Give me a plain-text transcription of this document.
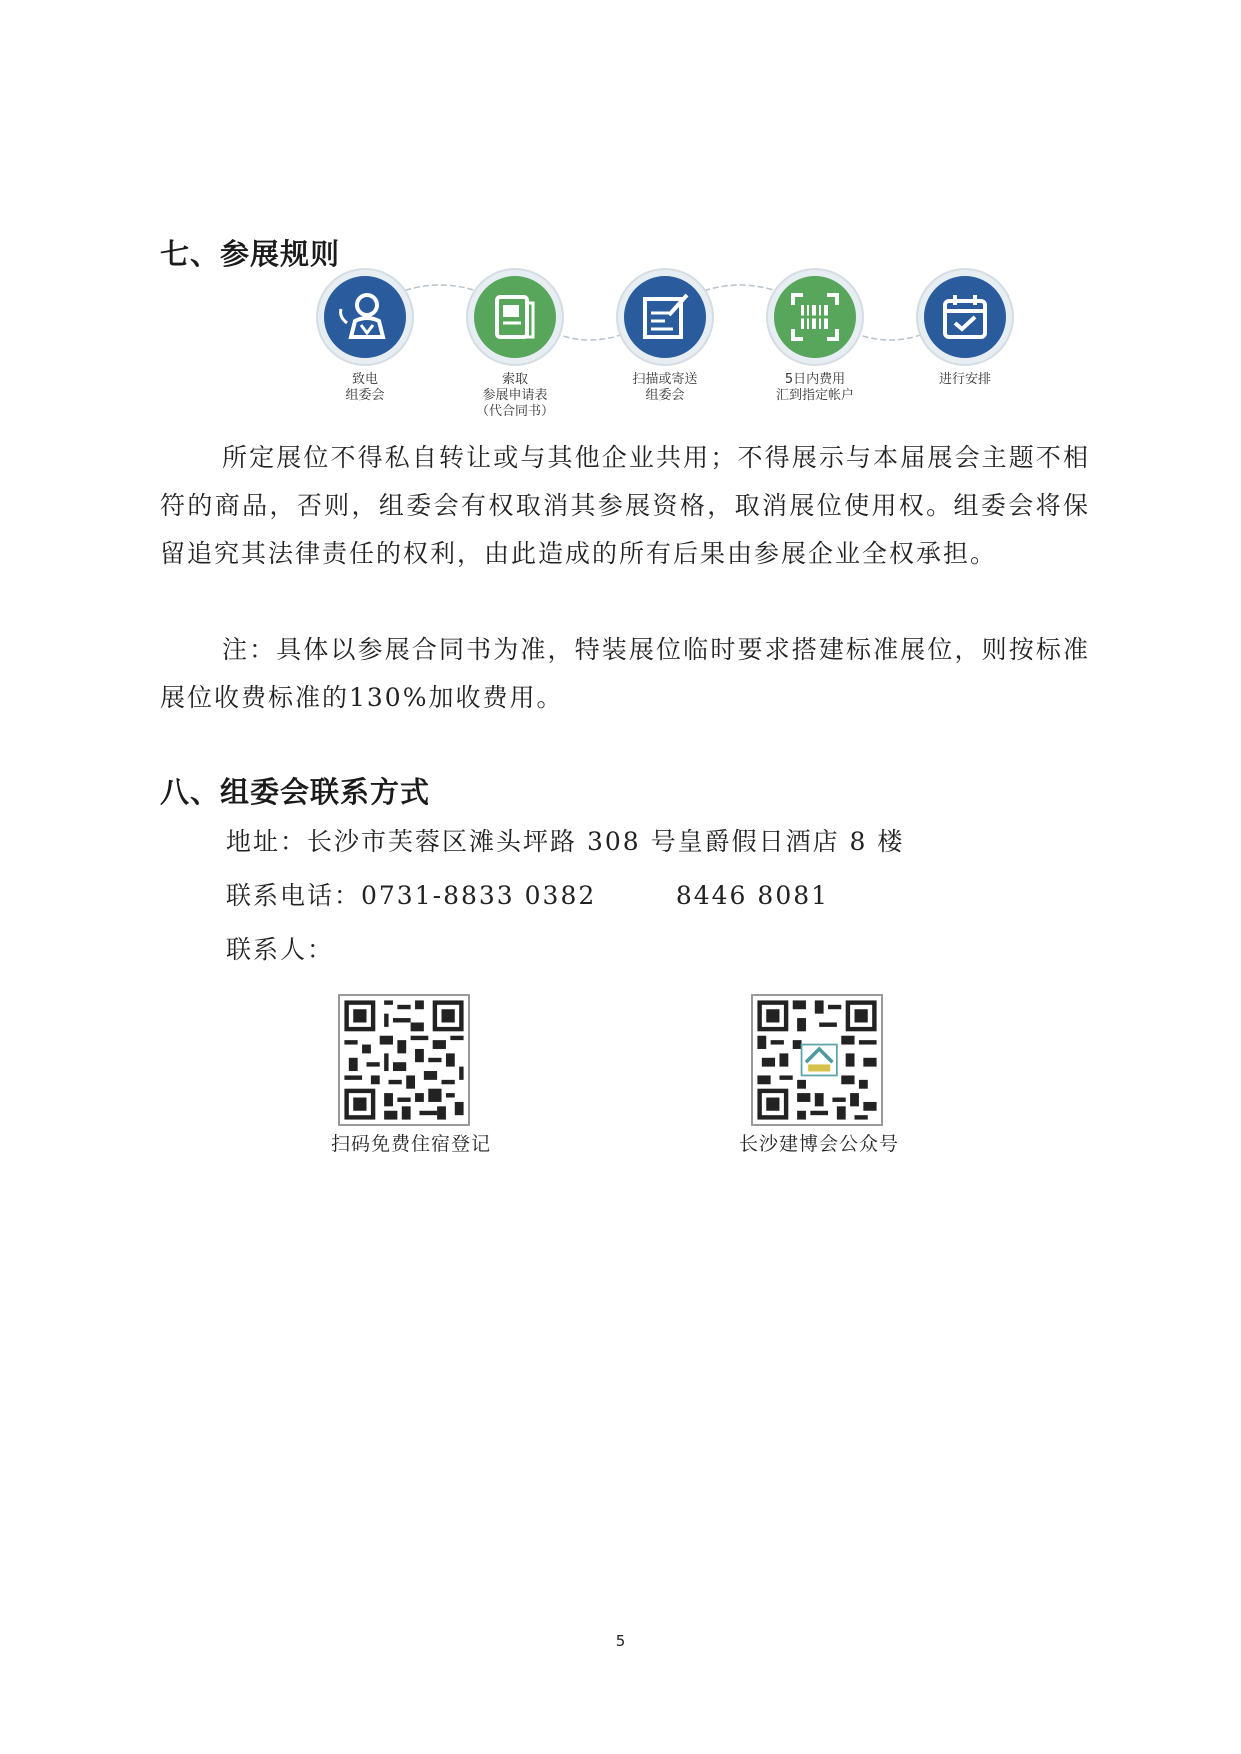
七、参展规则
致电
组委会
索取
参展申请表
（代合同书）
扫描或寄送
组委会
5日内费用
汇到指定帐户
进行安排

所定展位不得私自转让或与其他企业共用；不得展示与本届展会主题不相符的商品，否则，组委会有权取消其参展资格，取消展位使用权。组委会将保留追究其法律责任的权利，由此造成的所有后果由参展企业全权承担。

注：具体以参展合同书为准，特装展位临时要求搭建标准展位，则按标准展位收费标准的130%加收费用。

八、组委会联系方式
地址：长沙市芙蓉区滩头坪路 308 号皇爵假日酒店 8 楼
联系电话：0731-8833 0382        8446 8081
联系人：
扫码免费住宿登记	长沙建博会公众号
5
